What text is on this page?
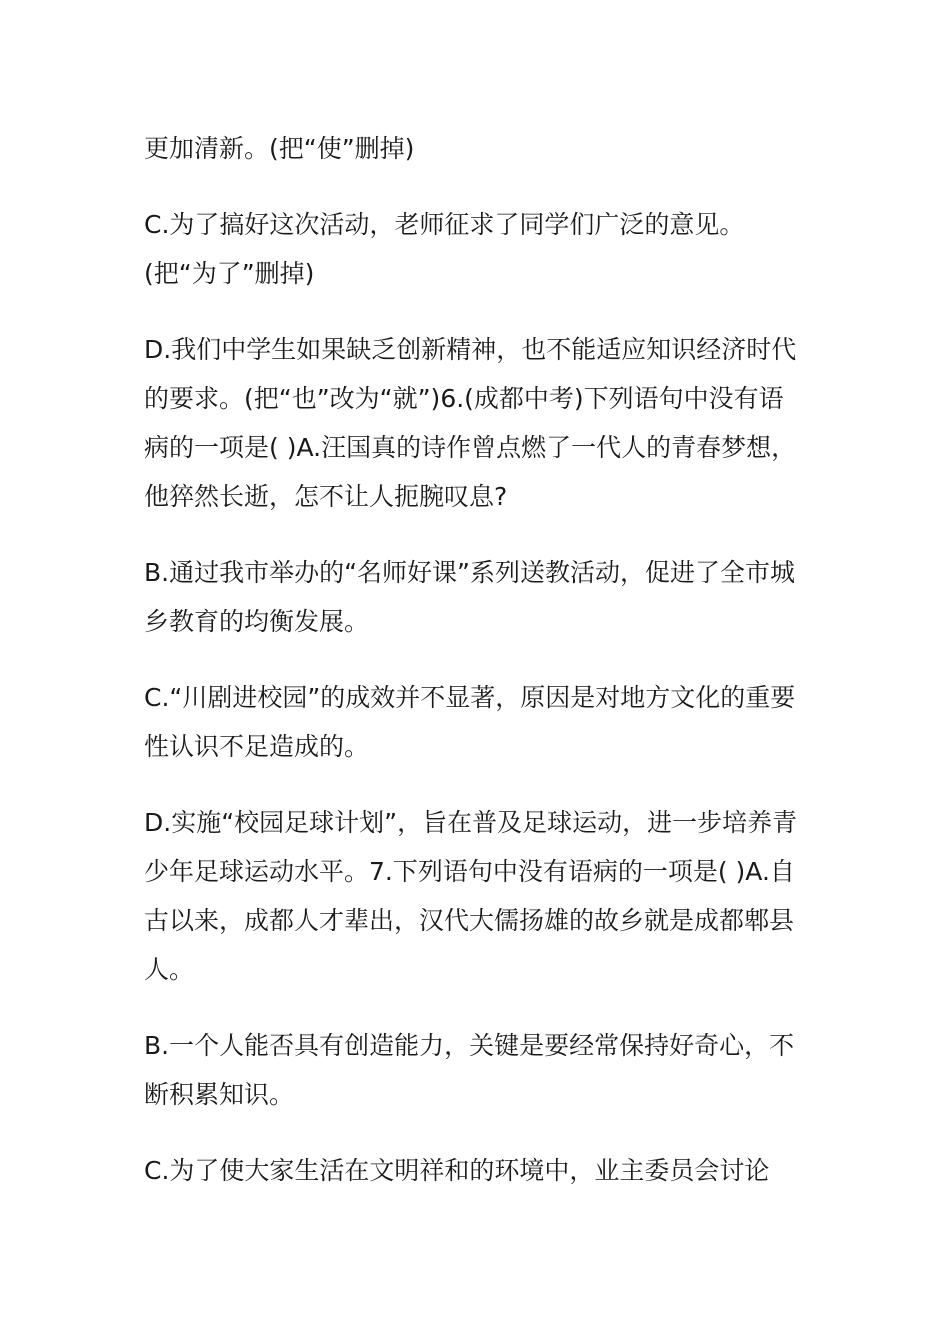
更加清新。(把“使”删掉)

C.为了搞好这次活动，老师征求了同学们广泛的意见。(把“为了”删掉)

D.我们中学生如果缺乏创新精神，也不能适应知识经济时代的要求。(把“也”改为“就”)6.(成都中考)下列语句中没有语病的一项是( )A.汪国真的诗作曾点燃了一代人的青春梦想，他猝然长逝，怎不让人扼腕叹息?

B.通过我市举办的“名师好课”系列送教活动，促进了全市城乡教育的均衡发展。

C.“川剧进校园”的成效并不显著，原因是对地方文化的重要性认识不足造成的。

D.实施“校园足球计划”，旨在普及足球运动，进一步培养青少年足球运动水平。7.下列语句中没有语病的一项是( )A.自古以来，成都人才辈出，汉代大儒扬雄的故乡就是成都郫县人。

B.一个人能否具有创造能力，关键是要经常保持好奇心，不断积累知识。

C.为了使大家生活在文明祥和的环境中，业主委员会讨论
